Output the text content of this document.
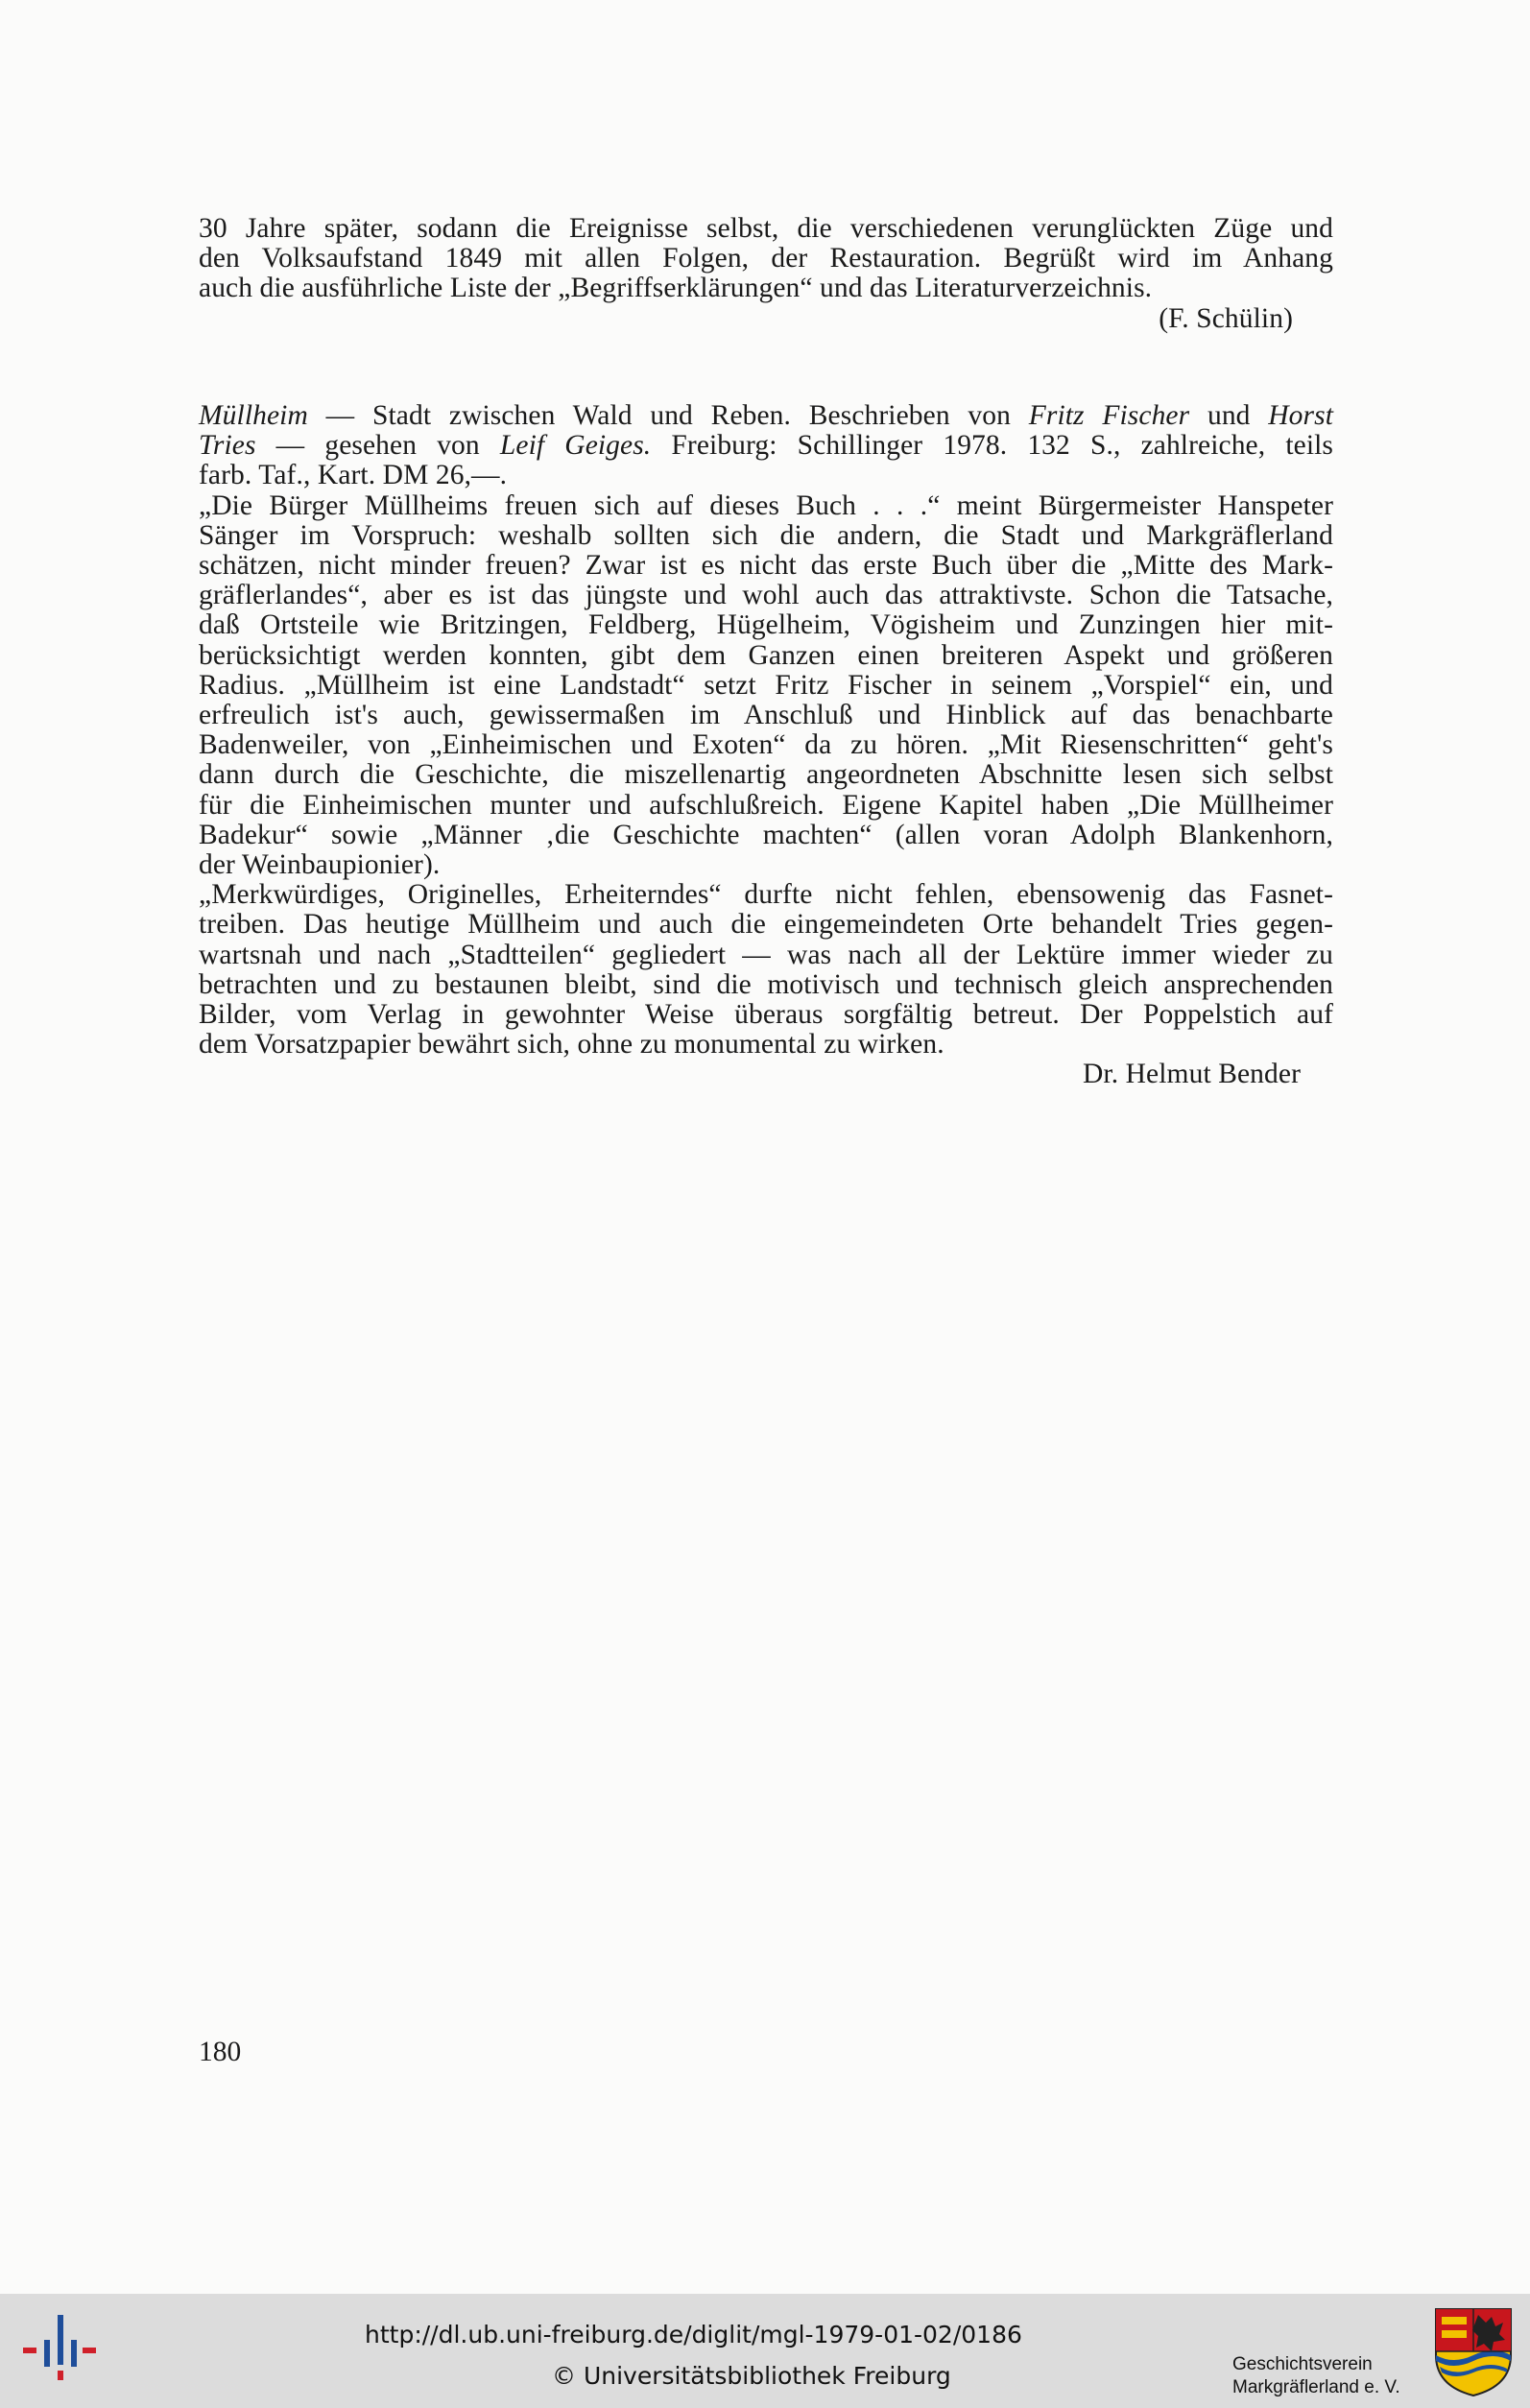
30 Jahre später, sodann die Ereignisse selbst, die verschiedenen verunglückten Züge und
den Volksaufstand 1849 mit allen Folgen, der Restauration. Begrüßt wird im Anhang
auch die ausführliche Liste der „Begriffserklärungen“ und das Literaturverzeichnis.
(F. Schülin)
Müllheim — Stadt zwischen Wald und Reben. Beschrieben von Fritz Fischer und Horst
Tries — gesehen von Leif Geiges. Freiburg: Schillinger 1978. 132 S., zahlreiche, teils
farb. Taf., Kart. DM 26,—.
„Die Bürger Müllheims freuen sich auf dieses Buch . . .“ meint Bürgermeister Hanspeter
Sänger im Vorspruch: weshalb sollten sich die andern, die Stadt und Markgräflerland
schätzen, nicht minder freuen? Zwar ist es nicht das erste Buch über die „Mitte des Mark-
gräflerlandes“, aber es ist das jüngste und wohl auch das attraktivste. Schon die Tatsache,
daß Ortsteile wie Britzingen, Feldberg, Hügelheim, Vögisheim und Zunzingen hier mit-
berücksichtigt werden konnten, gibt dem Ganzen einen breiteren Aspekt und größeren
Radius. „Müllheim ist eine Landstadt“ setzt Fritz Fischer in seinem „Vorspiel“ ein, und
erfreulich ist's auch, gewissermaßen im Anschluß und Hinblick auf das benachbarte
Badenweiler, von „Einheimischen und Exoten“ da zu hören. „Mit Riesenschritten“ geht's
dann durch die Geschichte, die miszellenartig angeordneten Abschnitte lesen sich selbst
für die Einheimischen munter und aufschlußreich. Eigene Kapitel haben „Die Müllheimer
Badekur“ sowie „Männer ‚die Geschichte machten“ (allen voran Adolph Blankenhorn,
der Weinbaupionier).
„Merkwürdiges, Originelles, Erheiterndes“ durfte nicht fehlen, ebensowenig das Fasnet-
treiben. Das heutige Müllheim und auch die eingemeindeten Orte behandelt Tries gegen-
wartsnah und nach „Stadtteilen“ gegliedert — was nach all der Lektüre immer wieder zu
betrachten und zu bestaunen bleibt, sind die motivisch und technisch gleich ansprechenden
Bilder, vom Verlag in gewohnter Weise überaus sorgfältig betreut. Der Poppelstich auf
dem Vorsatzpapier bewährt sich, ohne zu monumental zu wirken.
Dr. Helmut Bender
180
http://dl.ub.uni-freiburg.de/diglit/mgl-1979-01-02/0186
© Universitätsbibliothek Freiburg	Geschichtsverein
Markgräflerland e. V.
